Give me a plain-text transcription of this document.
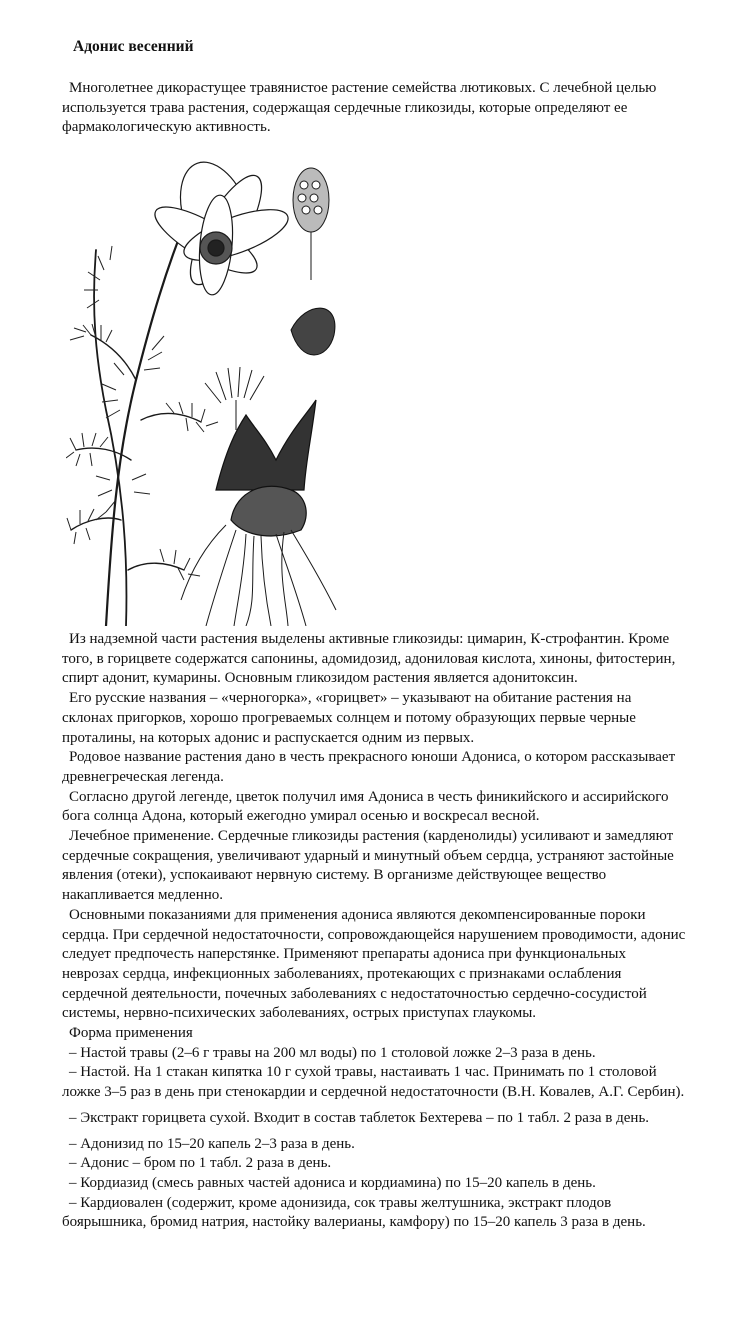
Адонис весенний

Многолетнее дикорастущее травянистое растение семейства лютиковых. С лечебной целью используется трава растения, содержащая сердечные гликозиды, которые определяют ее фармакологическую активность.

Из надземной части растения выделены активные гликозиды: цимарин, К-строфантин. Кроме того, в горицвете содержатся сапонины, адомидозид, адониловая кислота, хиноны, фитостерин, спирт адонит, кумарины. Основным гликозидом растения является адонитоксин.

Его русские названия – «черногорка», «горицвет» – указывают на обитание растения на склонах пригорков, хорошо прогреваемых солнцем и потому образующих первые черные проталины, на которых адонис и распускается одним из первых.

Родовое название растения дано в честь прекрасного юноши Адониса, о котором рассказывает древнегреческая легенда.

Согласно другой легенде, цветок получил имя Адониса в честь финикийского и ассирийского бога солнца Адона, который ежегодно умирал осенью и воскресал весной.

Лечебное применение. Сердечные гликозиды растения (карденолиды) усиливают и замедляют сердечные сокращения, увеличивают ударный и минутный объем сердца, устраняют застойные явления (отеки), успокаивают нервную систему. В организме действующее вещество накапливается медленно.

Основными показаниями для применения адониса являются декомпенсированные пороки сердца. При сердечной недостаточности, сопровождающейся нарушением проводимости, адонис следует предпочесть наперстянке. Применяют препараты адониса при функциональных неврозах сердца, инфекционных заболеваниях, протекающих с признаками ослабления сердечной деятельности, почечных заболеваниях с недостаточностью сердечно-сосудистой системы, нервно-психических заболеваниях, острых приступах глаукомы.

Форма применения

– Настой травы (2–6 г травы на 200 мл воды) по 1 столовой ложке 2–3 раза в день.

– Настой. На 1 стакан кипятка 10 г сухой травы, настаивать 1 час. Принимать по 1 столовой ложке 3–5 раз в день при стенокардии и сердечной недостаточности (В.Н. Ковалев, А.Г. Сербин).

– Экстракт горицвета сухой. Входит в состав таблеток Бехтерева – по 1 табл. 2 раза в день.

– Адонизид по 15–20 капель 2–3 раза в день.

– Адонис – бром по 1 табл. 2 раза в день.

– Кордиазид (смесь равных частей адониса и кордиамина) по 15–20 капель в день.

– Кардиовален (содержит, кроме адонизида, сок травы желтушника, экстракт плодов боярышника, бромид натрия, настойку валерианы, камфору) по 15–20 капель 3 раза в день.
